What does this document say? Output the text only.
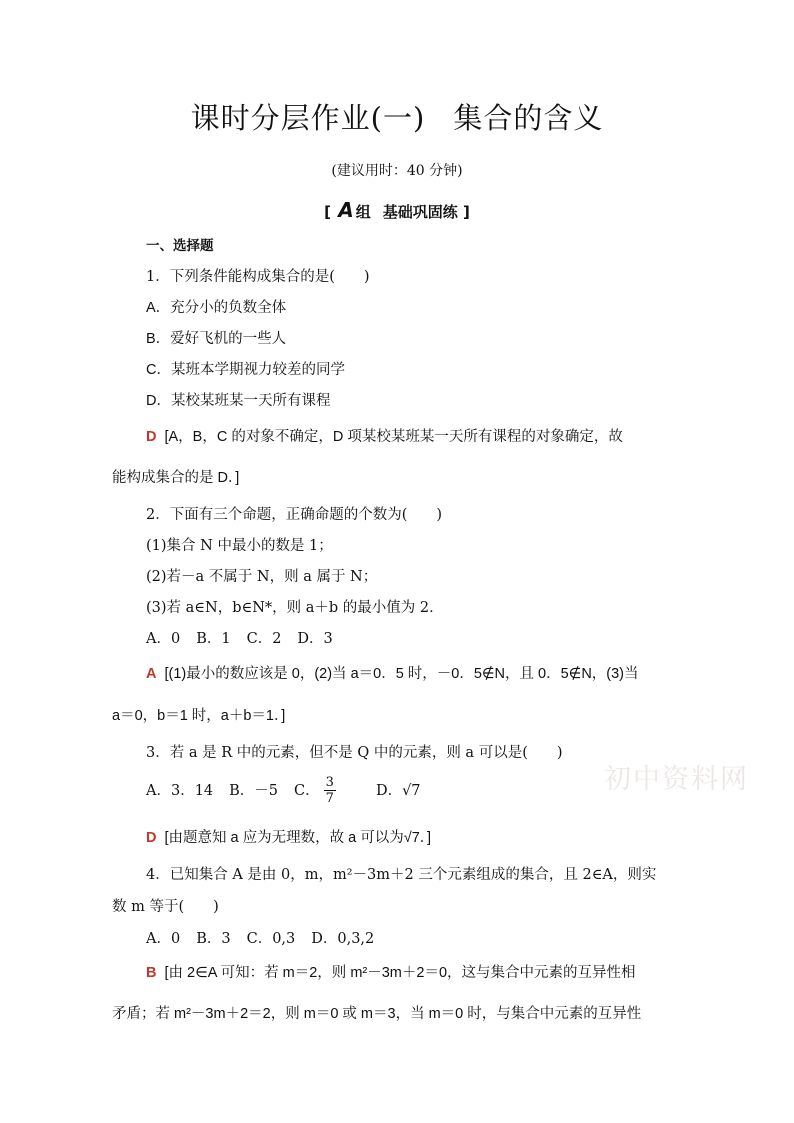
课时分层作业(一) 集合的含义
(建议用时：40 分钟)
[ A 组 基础巩固练 ]
一、选择题
1．下列条件能构成集合的是(　　)
A．充分小的负数全体
B．爱好飞机的一些人
C．某班本学期视力较差的同学
D．某校某班某一天所有课程
D [A，B，C 的对象不确定，D 项某校某班某一天所有课程的对象确定，故
能构成集合的是 D．]
2．下面有三个命题，正确命题的个数为(　　)
(1)集合 N 中最小的数是 1；
(2)若－a 不属于 N，则 a 属于 N；
(3)若 a∈N，b∈N*，则 a＋b 的最小值为 2．
A．0 B．1 C．2 D．3
A [(1)最小的数应该是 0，(2)当 a＝0．5 时，－0．5∉N，且 0．5∉N，(3)当
a＝0，b＝1 时，a＋b＝1．]
3．若 a 是 R 中的元素，但不是 Q 中的元素，则 a 可以是(　　)
A．3．14 B．－5 C． $\frac{3}{7}$ D．√7
D [由题意知 a 应为无理数，故 a 可以为√7．]
4．已知集合 A 是由 0，m，m²－3m＋2 三个元素组成的集合，且 2∈A，则实
数 m 等于(　　)
A．0 B．3 C．0,3 D．0,3,2
B [由 2∈A 可知：若 m＝2，则 m²－3m＋2＝0，这与集合中元素的互异性相
矛盾；若 m²－3m＋2＝2，则 m＝0 或 m＝3，当 m＝0 时，与集合中元素的互异性
初中资料网
